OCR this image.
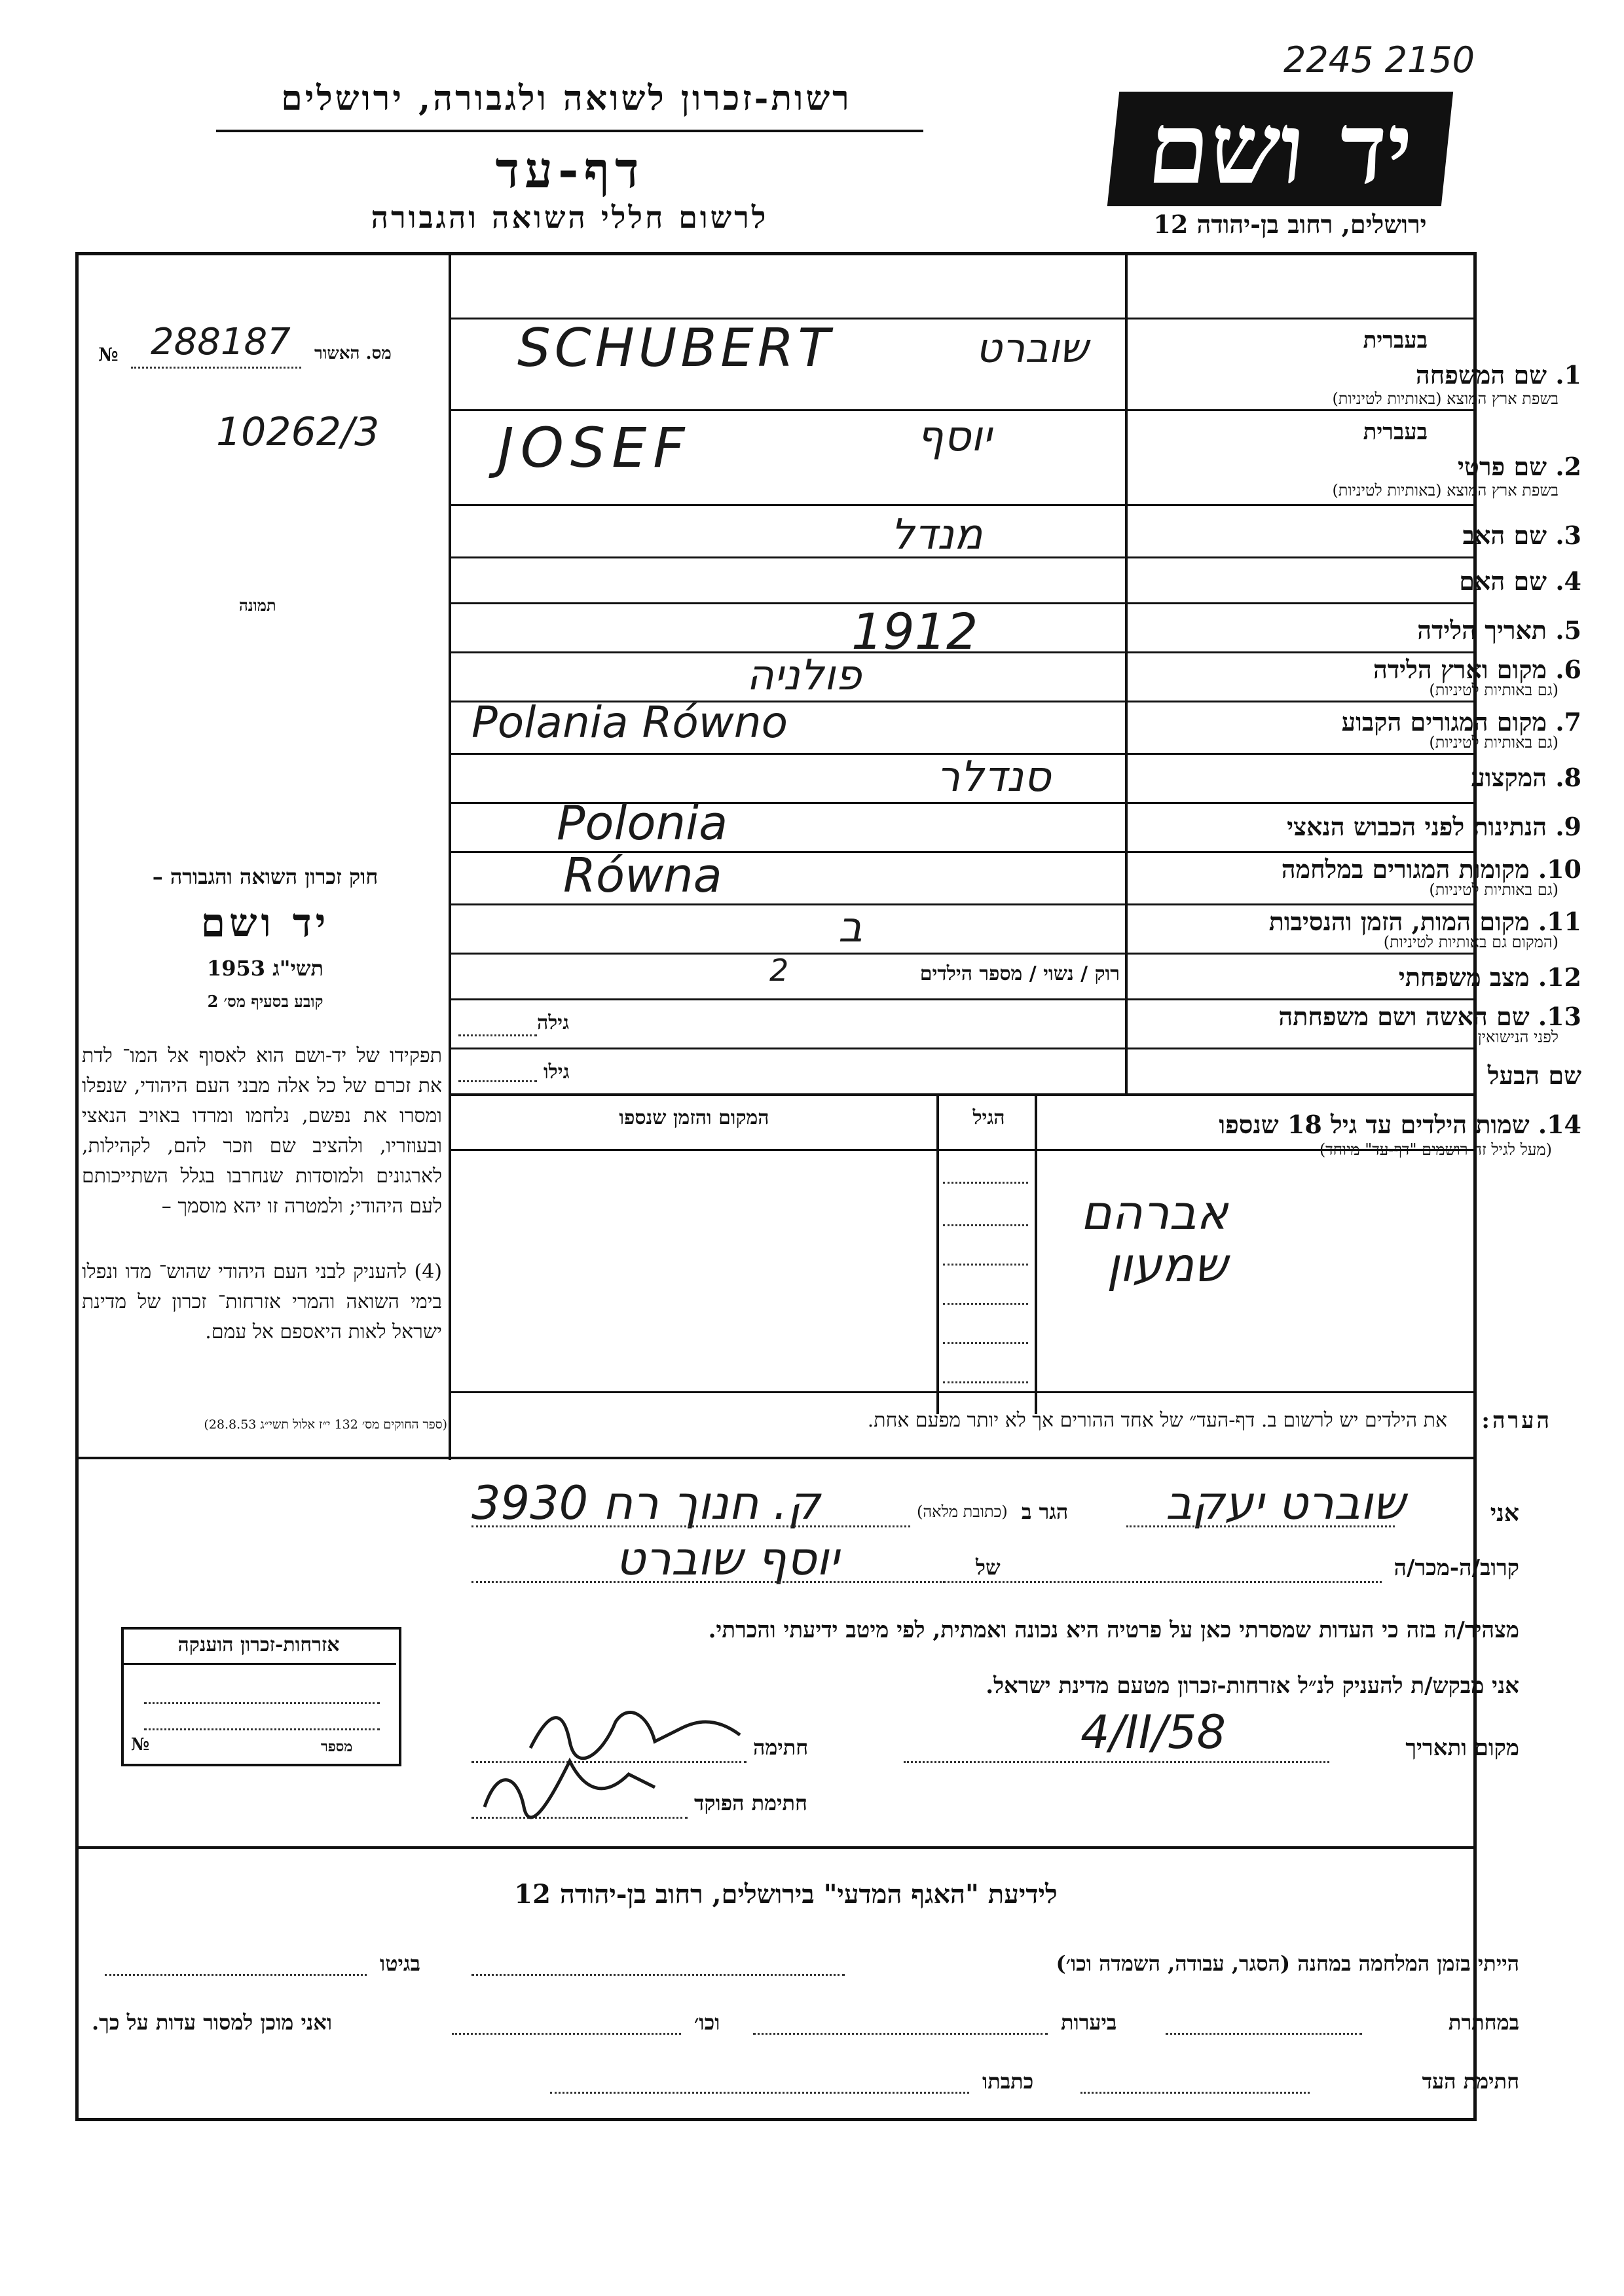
2245 2150
רשות-זכרון לשואה ולגבורה, ירושלים
דף-עד
לרשום חללי השואה והגבורה
יד ושם
ירושלים, רחוב בן-יהודה 12
מס. האשור
№ 288187
10262/3
תמונה
חוק זכרון השואה והגבורה –
יד ושם
תשי"ג 1953
קובע בסעיף מס׳ 2
תפקידו של יד-ושם הוא לאסוף אל המו־ לדת את זכרם של כל אלה מבני העם היהודי, שנפלו ומסרו את נפשם, נלחמו ומרדו באויב הנאצי ובעוזריו, ולהציב שם וזכר להם, לקהילות, לארגונים ולמוסדות שנחרבו בגלל השתייכותם לעם היהודי; ולמטרה זו יהא מוסמך –
(4) להעניק לבני העם היהודי שהוש־ מדו ונפלו בימי השואה והמרי אזרחות־ זכרון של מדינת ישראל לאות היאספם אל עמם.
(ספר החוקים מס׳ 132 י״ז אלול תשי״ג 28.8.53)
אזרחות-זכרון הוענקה
מספר
№
בעברית
1. שם המשפחה
בשפת ארץ המוצא (באותיות לטיניות)
SCHUBERT	שוברט
בעברית
2. שם פרטי
בשפת ארץ המוצא (באותיות לטיניות)
JOSEF	יוסף
3. שם האב
מנדל
4. שם האם
5. תאריך הלידה
1912
6. מקום וארץ הלידה
(גם באותיות לטיניות)
פולניה
7. מקום המגורים הקבוע
(גם באותיות לטיניות)
Polania Równo
8. המקצוע
סנדלר
9. הנתינות לפני הכבוש הנאצי
Polonia
10. מקומות המגורים במלחמה
(גם באותיות לטיניות)
Równa
11. מקום המות, הזמן והנסיבות
(המקום גם באותיות לטיניות)
ב
12. מצב משפחתי
רוק / נשוי / מספר הילדים
2
13. שם האשה ושם משפחתה
לפני הנישואין
גילה
שם הבעל
גילו
14. שמות הילדים עד גיל 18 שנספו
(מעל לגיל זה רושמים "דף-עד" מיוחד)
הגיל
המקום והזמן שנספו
אברהם
שמעון
הערה:
את הילדים יש לרשום ב. דף-העד״ של אחד ההורים אך לא יותר מפעם אחת.
אני
שוברט יעקב
הגר ב
(כתובת מלאה)
ק. חנוך רח 3930
קרוב/ה-מכר/ה
של
יוסף שוברט
מצהיר/ה בזה כי העדות שמסרתי כאן על פרטיה היא נכונה ואמתית, לפי מיטב ידיעתי והכרתי.
אני מבקש/ת להעניק לנ״ל אזרחות-זכרון מטעם מדינת ישראל.
מקום ותאריך
4/II/58
חתימה
חתימת הפוקד
לידיעת "האגף המדעי" בירושלים, רחוב בן-יהודה 12
הייתי בזמן המלחמה במחנה (הסגר, עבודה, השמדה וכו׳)
בגיטו
במחתרת
ביערות
וכו׳
ואני מוכן למסור עדות על כך.
חתימת העד
כתבתו
